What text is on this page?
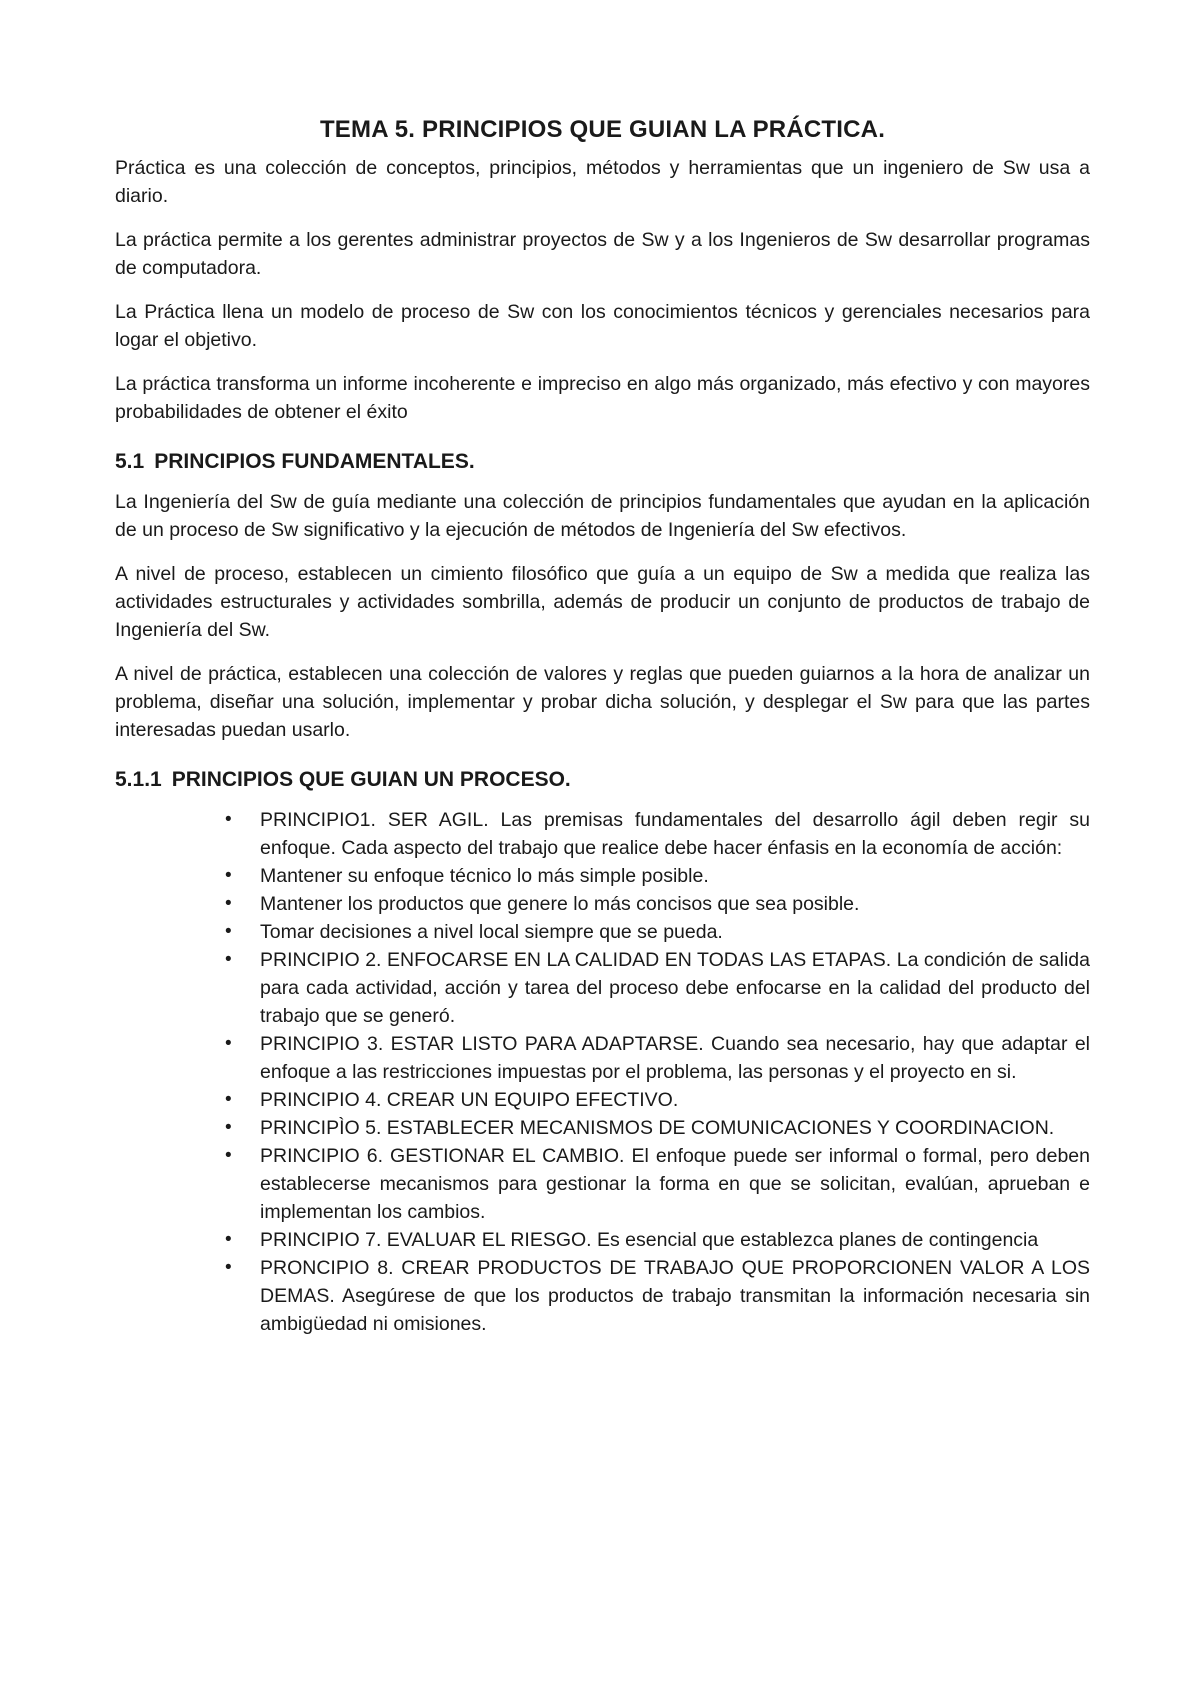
TEMA 5. PRINCIPIOS QUE GUIAN LA PRÁCTICA.

Práctica es una colección de conceptos, principios, métodos y herramientas que un ingeniero de Sw usa a diario.

La práctica permite a los gerentes administrar proyectos de Sw y a los Ingenieros de Sw desarrollar programas de computadora.

La Práctica llena un modelo de proceso de Sw con los conocimientos técnicos y gerenciales necesarios para logar el objetivo.

La práctica transforma un informe incoherente e impreciso en algo más organizado, más efectivo y con mayores probabilidades de obtener el éxito

5.1 PRINCIPIOS FUNDAMENTALES.

La Ingeniería del Sw de guía mediante una colección de principios fundamentales que ayudan en la aplicación de un proceso de Sw significativo y la ejecución de métodos de Ingeniería del Sw efectivos.

A nivel de proceso, establecen un cimiento filosófico que guía a un equipo de Sw a medida que realiza las actividades estructurales y actividades sombrilla, además de producir un conjunto de productos de trabajo de Ingeniería del Sw.

A nivel de práctica, establecen una colección de valores y reglas que pueden guiarnos a la hora de analizar un problema, diseñar una solución, implementar y probar dicha solución, y desplegar el Sw para que las partes interesadas puedan usarlo.

5.1.1 PRINCIPIOS QUE GUIAN UN PROCESO.
• PRINCIPIO1. SER AGIL. Las premisas fundamentales del desarrollo ágil deben regir su enfoque. Cada aspecto del trabajo que realice debe hacer énfasis en la economía de acción:
• Mantener su enfoque técnico lo más simple posible.
• Mantener los productos que genere lo más concisos que sea posible.
• Tomar decisiones a nivel local siempre que se pueda.
• PRINCIPIO 2. ENFOCARSE EN LA CALIDAD EN TODAS LAS ETAPAS. La condición de salida para cada actividad, acción y tarea del proceso debe enfocarse en la calidad del producto del trabajo que se generó.
• PRINCIPIO 3. ESTAR LISTO PARA ADAPTARSE. Cuando sea necesario, hay que adaptar el enfoque a las restricciones impuestas por el problema, las personas y el proyecto en si.
• PRINCIPIO 4. CREAR UN EQUIPO EFECTIVO.
• PRINCIPÌO 5. ESTABLECER MECANISMOS DE COMUNICACIONES Y COORDINACION.
• PRINCIPIO 6. GESTIONAR EL CAMBIO. El enfoque puede ser informal o formal, pero deben establecerse mecanismos para gestionar la forma en que se solicitan, evalúan, aprueban e implementan los cambios.
• PRINCIPIO 7. EVALUAR EL RIESGO. Es esencial que establezca planes de contingencia
• PRONCIPIO 8. CREAR PRODUCTOS DE TRABAJO QUE PROPORCIONEN VALOR A LOS DEMAS. Asegúrese de que los productos de trabajo transmitan la información necesaria sin ambigüedad ni omisiones.
